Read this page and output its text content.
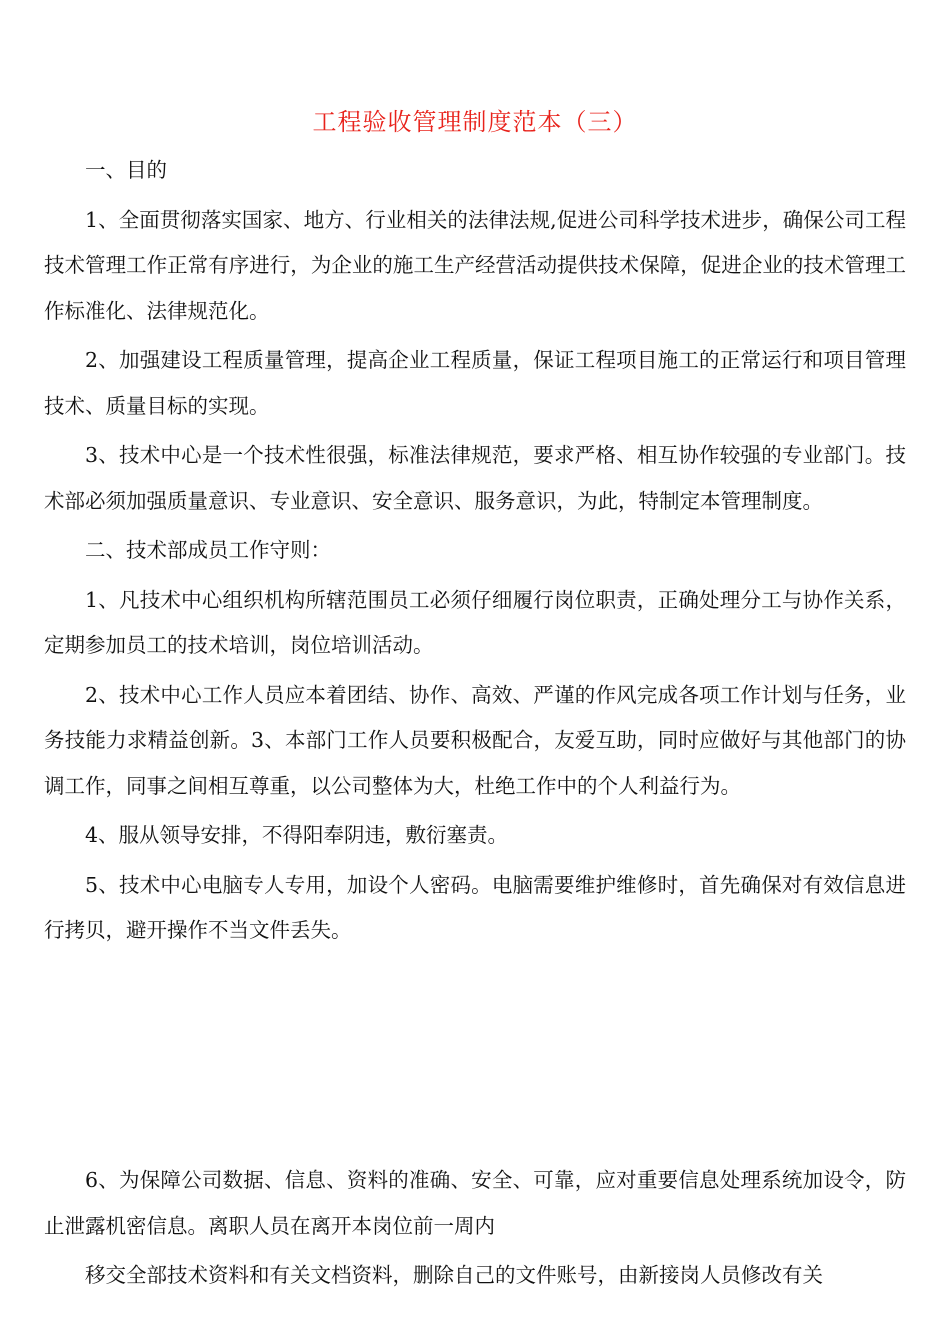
工程验收管理制度范本（三）

一、目的

1、全面贯彻落实国家、地方、行业相关的法律法规,促进公司科学技术进步，确保公司工程技术管理工作正常有序进行，为企业的施工生产经营活动提供技术保障，促进企业的技术管理工作标准化、法律规范化。

2、加强建设工程质量管理，提高企业工程质量，保证工程项目施工的正常运行和项目管理技术、质量目标的实现。

3、技术中心是一个技术性很强，标准法律规范，要求严格、相互协作较强的专业部门。技术部必须加强质量意识、专业意识、安全意识、服务意识，为此，特制定本管理制度。

二、技术部成员工作守则：

1、凡技术中心组织机构所辖范围员工必须仔细履行岗位职责，正确处理分工与协作关系，定期参加员工的技术培训，岗位培训活动。

2、技术中心工作人员应本着团结、协作、高效、严谨的作风完成各项工作计划与任务，业务技能力求精益创新。3、本部门工作人员要积极配合，友爱互助，同时应做好与其他部门的协调工作，同事之间相互尊重，以公司整体为大，杜绝工作中的个人利益行为。

4、服从领导安排，不得阳奉阴违，敷衍塞责。

5、技术中心电脑专人专用，加设个人密码。电脑需要维护维修时，首先确保对有效信息进行拷贝，避开操作不当文件丢失。

6、为保障公司数据、信息、资料的准确、安全、可靠，应对重要信息处理系统加设令，防止泄露机密信息。离职人员在离开本岗位前一周内

移交全部技术资料和有关文档资料，删除自己的文件账号，由新接岗人员修改有关
